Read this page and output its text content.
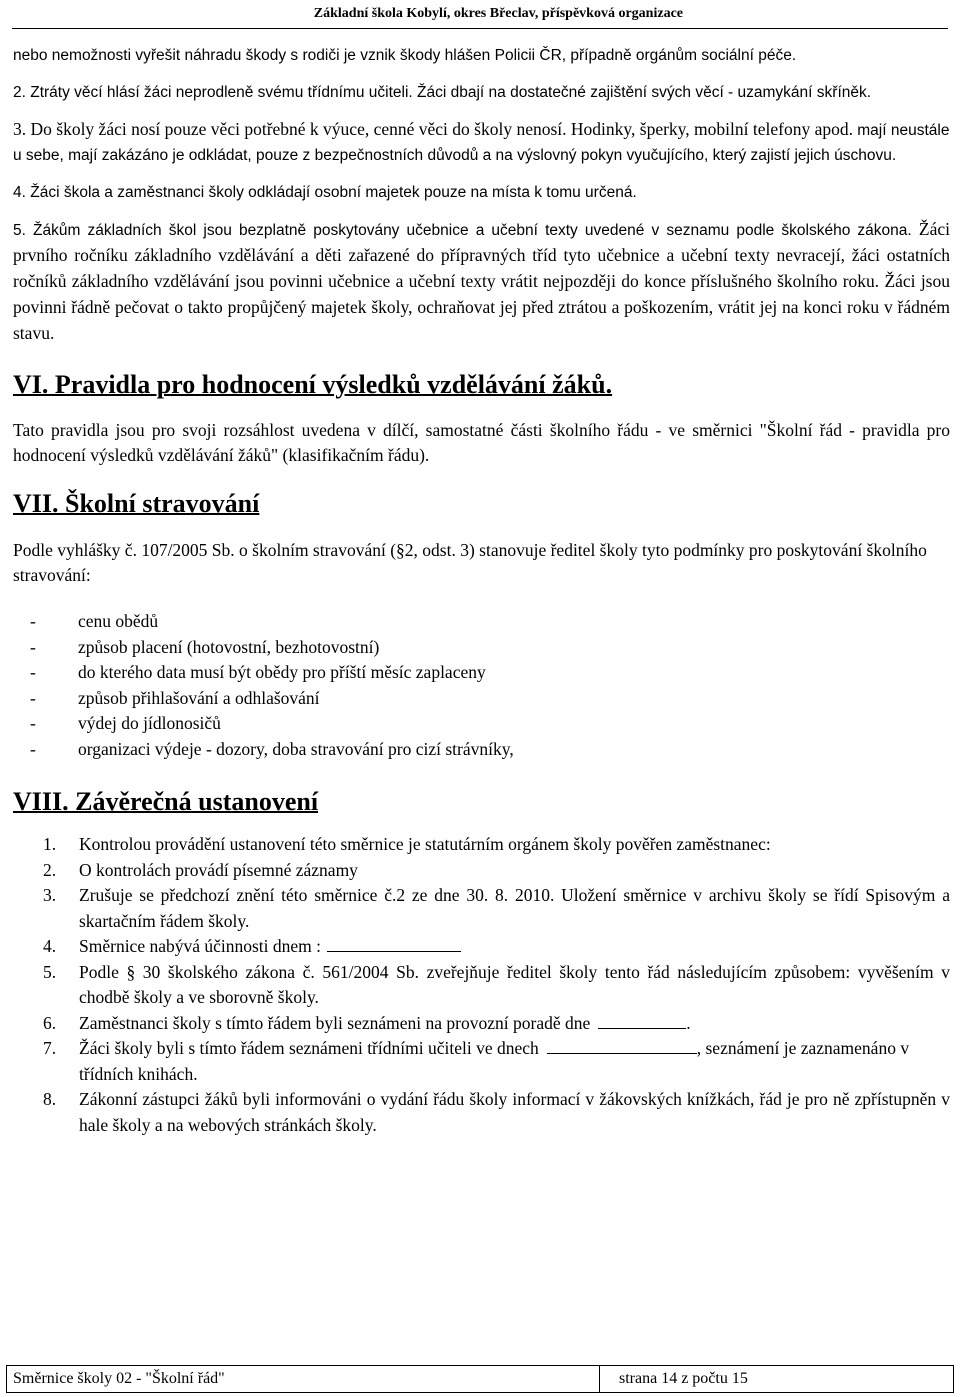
Základní škola Kobylí, okres Břeclav, příspěvková organizace

nebo nemožnosti vyřešit náhradu škody s rodiči je vznik škody hlášen Policii ČR, případně orgánům sociální péče.

2. Ztráty věcí hlásí žáci neprodleně svému třídnímu učiteli. Žáci dbají na dostatečné zajištění svých věcí - uzamykání skříněk.

3. Do školy žáci nosí pouze věci potřebné k výuce, cenné věci do školy nenosí. Hodinky, šperky, mobilní telefony apod. mají neustále u sebe, mají zakázáno je odkládat, pouze z bezpečnostních důvodů a na výslovný pokyn vyučujícího, který zajistí jejich úschovu.

4. Žáci škola a zaměstnanci školy odkládají osobní majetek pouze na místa k tomu určená.

5. Žákům základních škol jsou bezplatně poskytovány učebnice a učební texty uvedené v seznamu podle školského zákona. Žáci prvního ročníku základního vzdělávání a děti zařazené do přípravných tříd tyto učebnice a učební texty nevracejí, žáci ostatních ročníků základního vzdělávání jsou povinni učebnice a učební texty vrátit nejpozději do konce příslušného školního roku. Žáci jsou povinni řádně pečovat o takto propůjčený majetek školy, ochraňovat jej před ztrátou a poškozením, vrátit jej na konci roku v řádném stavu.

VI. Pravidla pro hodnocení výsledků vzdělávání žáků.

Tato pravidla jsou pro svoji rozsáhlost uvedena v dílčí, samostatné části školního řádu - ve směrnici "Školní řád - pravidla pro hodnocení výsledků vzdělávání žáků" (klasifikačním řádu).

VII. Školní stravování

Podle vyhlášky č. 107/2005 Sb. o školním stravování (§2, odst. 3) stanovuje ředitel školy tyto podmínky pro poskytování školního stravování:

-	cenu obědů
-	způsob placení (hotovostní, bezhotovostní)
-	do kterého data musí být obědy pro příští měsíc zaplaceny
-	způsob přihlašování a odhlašování
-	výdej do jídlonosičů
-	organizaci výdeje - dozory, doba stravování pro cizí strávníky,
VIII. Závěrečná ustanovení
1.	Kontrolou provádění ustanovení této směrnice je statutárním orgánem školy pověřen zaměstnanec:
2.	O kontrolách provádí písemné záznamy
3.	Zrušuje se předchozí znění této směrnice č.2 ze dne 30. 8. 2010. Uložení směrnice v archivu školy se řídí Spisovým a skartačním řádem školy.
4.	Směrnice nabývá účinnosti dnem :
5.	Podle § 30 školského zákona č. 561/2004 Sb. zveřejňuje ředitel školy tento řád následujícím způsobem: vyvěšením v chodbě školy a ve sborovně školy.
6.	Zaměstnanci školy s tímto řádem byli seznámeni na provozní poradě dne	.
7.	Žáci školy byli s tímto řádem seznámeni třídními učiteli ve dnech	, seznámení je zaznamenáno v třídních knihách.
8.	Zákonní zástupci žáků byli informováni o vydání řádu školy informací v žákovských knížkách, řád je pro ně zpřístupněn v hale školy a na webových stránkách školy.
Směrnice školy 02 - "Školní řád"	strana 14 z počtu 15
